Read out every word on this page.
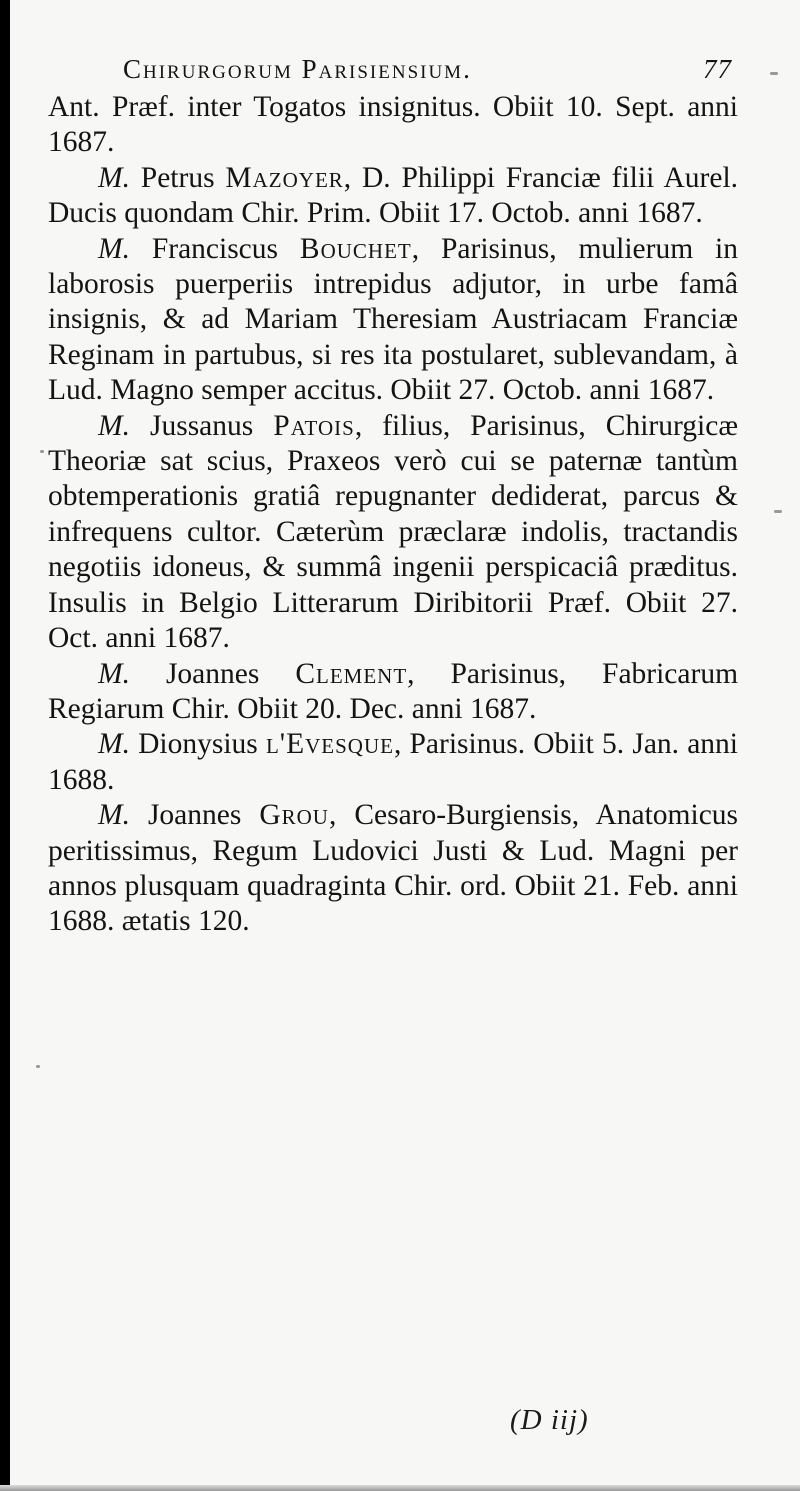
Chirurgorum Parisiensium.	77

Ant. Præf. inter Togatos insignitus. Obiit 10. Sept. anni 1687.

M. Petrus Mazoyer, D. Philippi Franciæ filii Aurel. Ducis quondam Chir. Prim. Obiit 17. Octob. anni 1687.

M. Franciscus Bouchet, Parisinus, mulierum in laborosis puerperiis intrepidus adjutor, in urbe famâ insignis, & ad Mariam Theresiam Austriacam Franciæ Reginam in partubus, si res ita postularet, sublevandam, à Lud. Magno semper accitus. Obiit 27. Octob. anni 1687.

M. Jussanus Patois, filius, Parisinus, Chirurgicæ Theoriæ sat scius, Praxeos verò cui se paternæ tantùm obtemperationis gratiâ repugnanter dediderat, parcus & infrequens cultor. Cæterùm præclaræ indolis, tractandis negotiis idoneus, & summâ ingenii perspicaciâ præditus. Insulis in Belgio Litterarum Diribitorii Præf. Obiit 27. Oct. anni 1687.

M. Joannes Clement, Parisinus, Fabricarum Regiarum Chir. Obiit 20. Dec. anni 1687.

M. Dionysius l'Evesque, Parisinus. Obiit 5. Jan. anni 1688.

M. Joannes Grou, Cesaro-Burgiensis, Anatomicus peritissimus, Regum Ludovici Justi & Lud. Magni per annos plusquam quadraginta Chir. ord. Obiit 21. Feb. anni 1688. ætatis 120.

(D iij)
